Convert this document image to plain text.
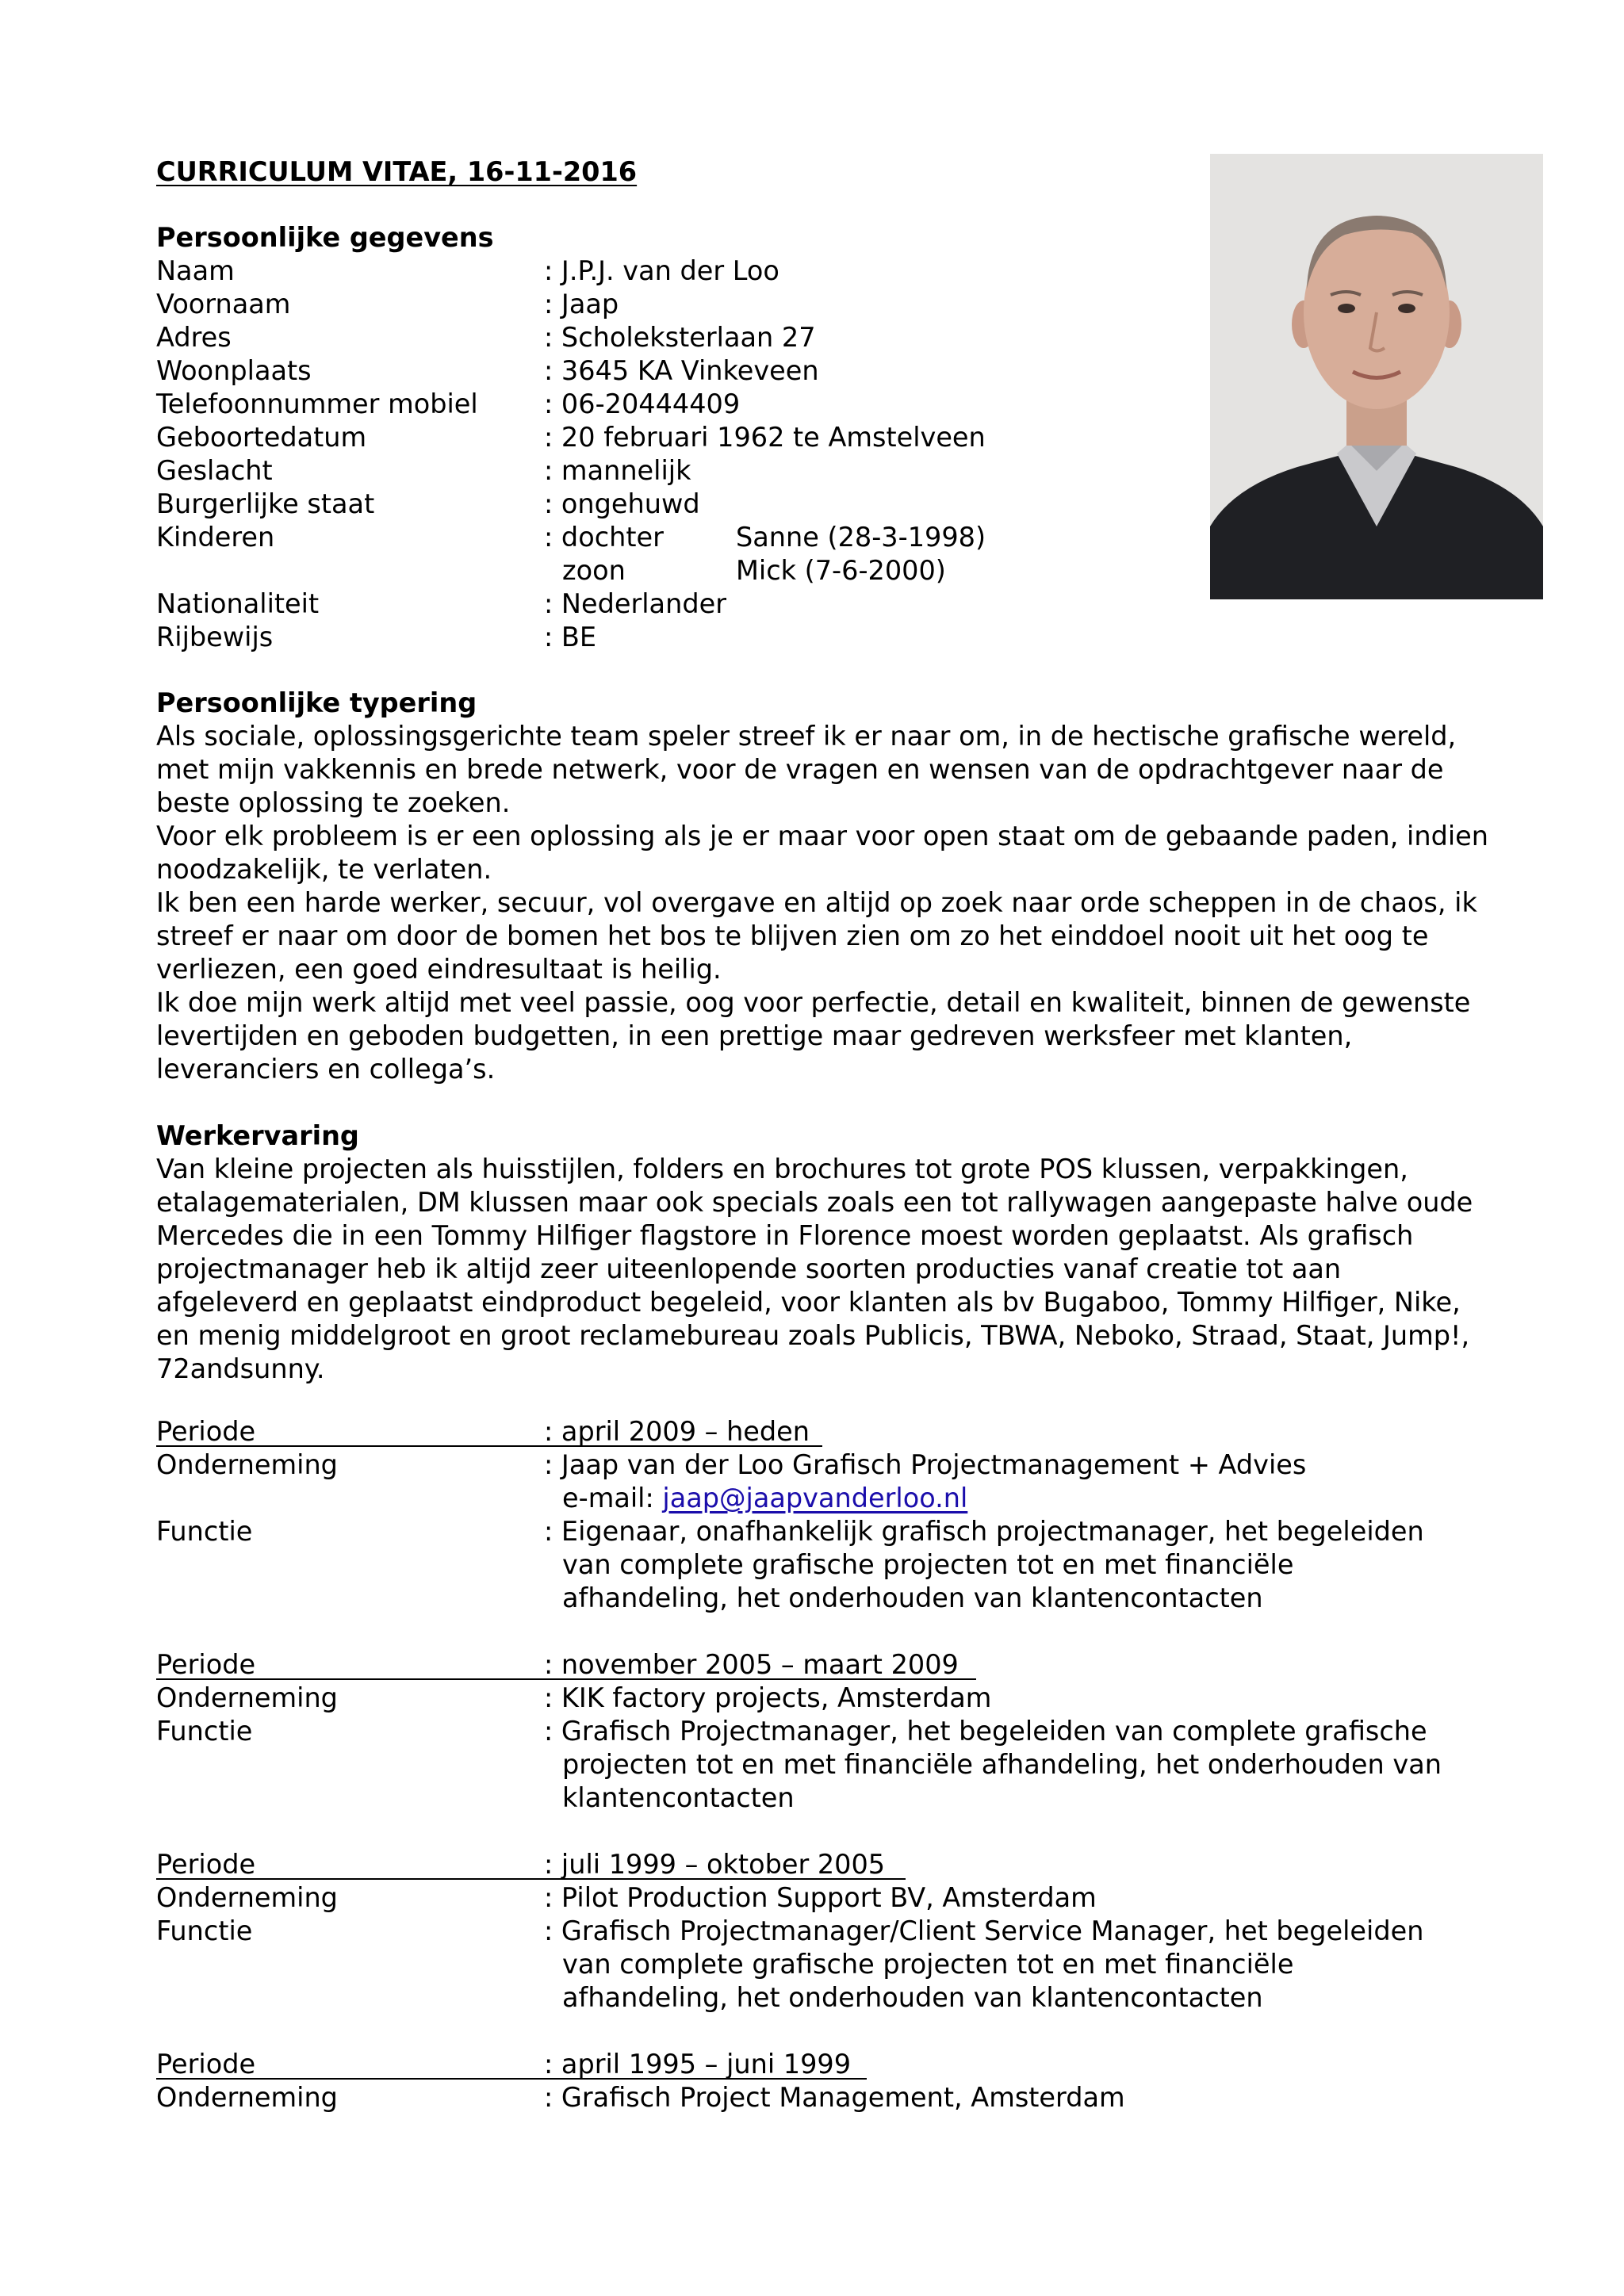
CURRICULUM VITAE, 16-11-2016
Persoonlijke gegevens
Naam	: J.P.J. van der Loo
Voornaam	: Jaap
Adres	: Scholeksterlaan 27
Woonplaats	: 3645 KA Vinkeveen
Telefoonnummer mobiel : 06-20444409
Geboortedatum	: 20 februari 1962 te Amstelveen
Geslacht	: mannelijk
Burgerlijke staat	: ongehuwd
Kinderen	: dochter	Sanne (28-3-1998)
zoon	Mick (7-6-2000)
Nationaliteit	: Nederlander
Rijbewijs	: BE
Persoonlijke typering

Als sociale, oplossingsgerichte team speler streef ik er naar om, in de hectische grafische wereld, met mijn vakkennis en brede netwerk, voor de vragen en wensen van de opdrachtgever naar de beste oplossing te zoeken.

Voor elk probleem is er een oplossing als je er maar voor open staat om de gebaande paden, indien noodzakelijk, te verlaten.

Ik ben een harde werker, secuur, vol overgave en altijd op zoek naar orde scheppen in de chaos, ik streef er naar om door de bomen het bos te blijven zien om zo het einddoel nooit uit het oog te verliezen, een goed eindresultaat is heilig.

Ik doe mijn werk altijd met veel passie, oog voor perfectie, detail en kwaliteit, binnen de gewenste levertijden en geboden budgetten, in een prettige maar gedreven werksfeer met klanten, leveranciers en collega’s.

Werkervaring

Van kleine projecten als huisstijlen, folders en brochures tot grote POS klussen, verpakkingen, etalagematerialen, DM klussen maar ook specials zoals een tot rallywagen aangepaste halve oude Mercedes die in een Tommy Hilfiger flagstore in Florence moest worden geplaatst. Als grafisch projectmanager heb ik altijd zeer uiteenlopende soorten producties vanaf creatie tot aan afgeleverd en geplaatst eindproduct begeleid, voor klanten als bv Bugaboo, Tommy Hilfiger, Nike, en menig middelgroot en groot reclamebureau zoals Publicis, TBWA, Neboko, Straad, Staat, Jump!, 72andsunny.

Periode	: april 2009 – heden
Onderneming	: Jaap van der Loo Grafisch Projectmanagement + Advies
e-mail: jaap@jaapvanderloo.nl
Functie	: Eigenaar, onafhankelijk grafisch projectmanager, het begeleiden
van complete grafische projecten tot en met financiële
afhandeling, het onderhouden van klantencontacten
Periode	: november 2005 – maart 2009
Onderneming	: KIK factory projects, Amsterdam
Functie	: Grafisch Projectmanager, het begeleiden van complete grafische
projecten tot en met financiële afhandeling, het onderhouden van
klantencontacten
Periode	: juli 1999 – oktober 2005
Onderneming	: Pilot Production Support BV, Amsterdam
Functie	: Grafisch Projectmanager/Client Service Manager, het begeleiden
van complete grafische projecten tot en met financiële
afhandeling, het onderhouden van klantencontacten
Periode	: april 1995 – juni 1999
Onderneming	: Grafisch Project Management, Amsterdam
